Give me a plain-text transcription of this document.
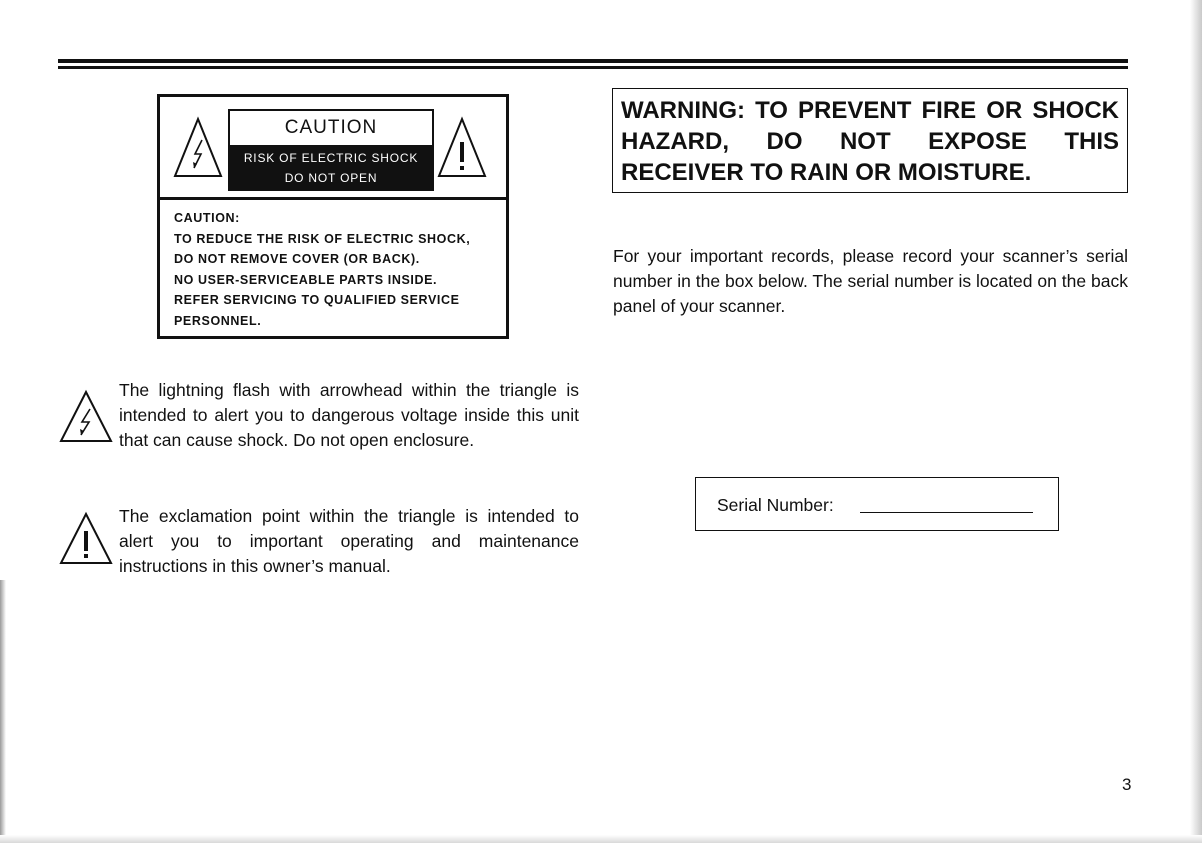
CAUTION
RISK OF ELECTRIC SHOCK
DO NOT OPEN
CAUTION:
TO REDUCE THE RISK OF ELECTRIC SHOCK,
DO NOT REMOVE COVER (OR BACK).
NO USER-SERVICEABLE PARTS INSIDE.
REFER SERVICING TO QUALIFIED SERVICE
PERSONNEL.
The lightning flash with arrowhead within the triangle is intended to alert you to dangerous voltage inside this unit that can cause shock. Do not open enclosure.
The exclamation point within the triangle is intended to alert you to important operating and maintenance instructions in this owner’s manual.
WARNING: TO PREVENT FIRE OR SHOCK HAZARD, DO NOT EXPOSE THIS RECEIVER TO RAIN OR MOISTURE.
For your important records, please record your scanner’s serial number in the box below. The serial number is located on the back panel of your scanner.
Serial Number:
3
